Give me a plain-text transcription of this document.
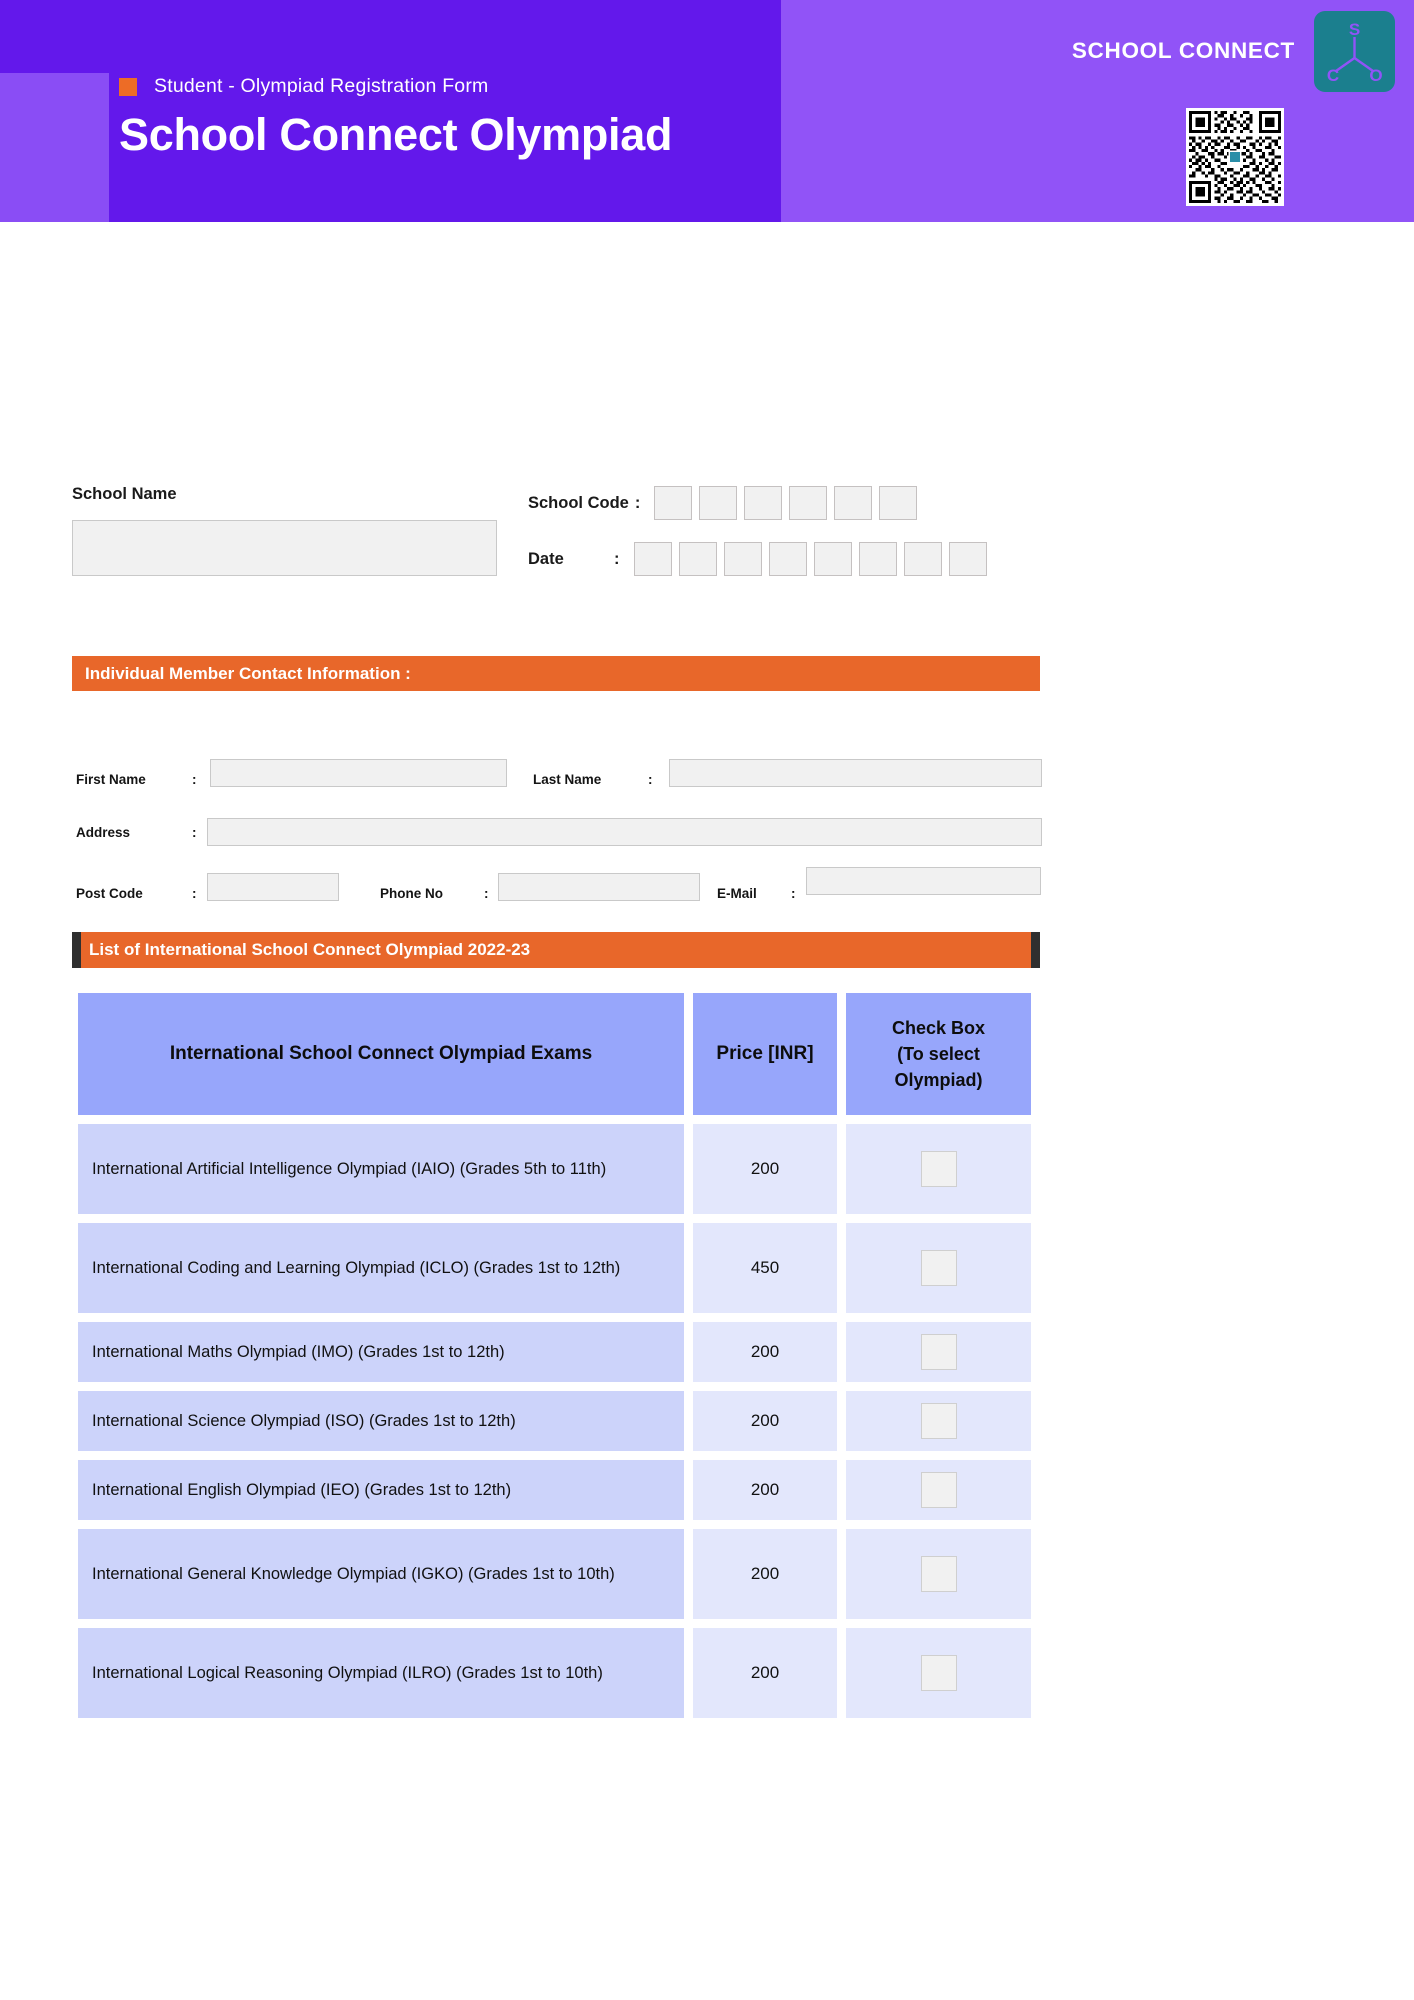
Student - Olympiad Registration Form
School Connect Olympiad
SCHOOL CONNECT
S
C O
School Name	School Code :
Date	:
Individual Member Contact Information :
First Name	:	Last Name	:
Address	:
Post Code	:	Phone No	:	E-Mail	:
List of International School Connect Olympiad 2022-23
International School Connect Olympiad Exams	Price [INR]
Check Box
(To select
Olympiad)
International Artificial Intelligence Olympiad (IAIO) (Grades 5th to 11th)	200
International Coding and Learning Olympiad (ICLO) (Grades 1st to 12th)	450
International Maths Olympiad (IMO) (Grades 1st to 12th)	200
International Science Olympiad (ISO) (Grades 1st to 12th)	200
International English Olympiad (IEO) (Grades 1st to 12th)	200
International General Knowledge Olympiad (IGKO) (Grades 1st to 10th)	200
International Logical Reasoning Olympiad (ILRO) (Grades 1st to 10th)	200
